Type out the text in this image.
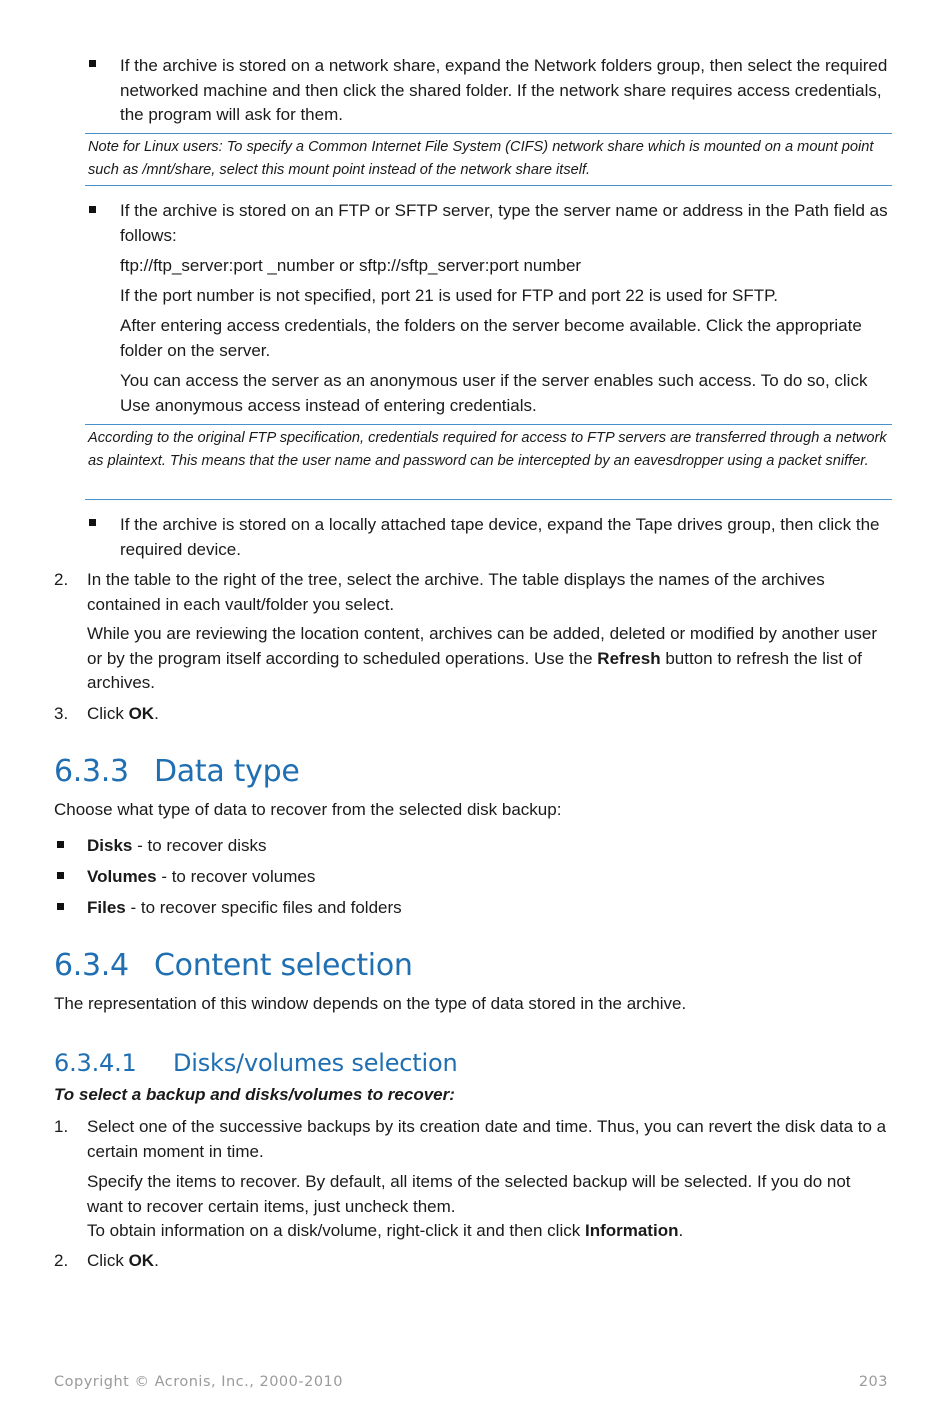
If the archive is stored on a network share, expand the Network folders group, then select the required networked machine and then click the shared folder. If the network share requires access credentials, the program will ask for them.
Note for Linux users: To specify a Common Internet File System (CIFS) network share which is mounted on a mount point such as /mnt/share, select this mount point instead of the network share itself.
If the archive is stored on an FTP or SFTP server, type the server name or address in the Path field as follows:
ftp://ftp_server:port _number or sftp://sftp_server:port number
If the port number is not specified, port 21 is used for FTP and port 22 is used for SFTP.
After entering access credentials, the folders on the server become available. Click the appropriate folder on the server.
You can access the server as an anonymous user if the server enables such access. To do so, click Use anonymous access instead of entering credentials.
According to the original FTP specification, credentials required for access to FTP servers are transferred through a network as plaintext. This means that the user name and password can be intercepted by an eavesdropper using a packet sniffer.
If the archive is stored on a locally attached tape device, expand the Tape drives group, then click the required device.
2. In the table to the right of the tree, select the archive. The table displays the names of the archives contained in each vault/folder you select.
While you are reviewing the location content, archives can be added, deleted or modified by another user or by the program itself according to scheduled operations. Use the Refresh button to refresh the list of archives.
3. Click OK.
6.3.3 Data type
Choose what type of data to recover from the selected disk backup:
Disks - to recover disks
Volumes - to recover volumes
Files - to recover specific files and folders
6.3.4 Content selection
The representation of this window depends on the type of data stored in the archive.
6.3.4.1 Disks/volumes selection
To select a backup and disks/volumes to recover:
1. Select one of the successive backups by its creation date and time. Thus, you can revert the disk data to a certain moment in time.
Specify the items to recover. By default, all items of the selected backup will be selected. If you do not want to recover certain items, just uncheck them.
To obtain information on a disk/volume, right-click it and then click Information.
2. Click OK.
Copyright © Acronis, Inc., 2000-2010	203
